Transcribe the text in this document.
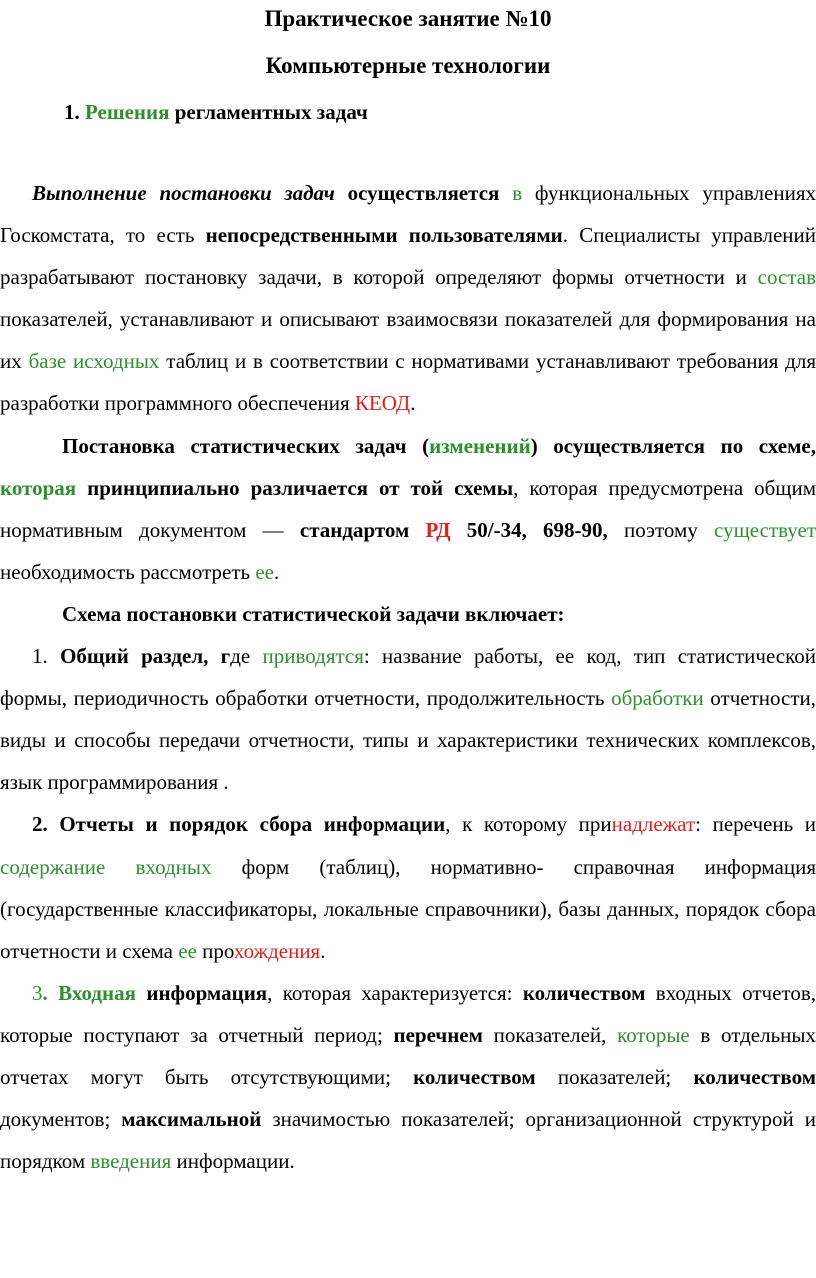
Практическое занятие №10
Компьютерные технологии
1. Решения регламентных задач

Выполнение постановки задач осуществляется в функциональных управлениях Госкомстата, то есть непосредственными пользователями. Специалисты управлений разрабатывают постановку задачи, в которой определяют формы отчетности и состав показателей, устанавливают и описывают взаимосвязи показателей для формирования на их базе исходных таблиц и в соответствии с нормативами устанавливают требования для разработки программного обеспечения КЕОД.

Постановка статистических задач (изменений) осуществляется по схеме, которая принципиально различается от той схемы, которая предусмотрена общим нормативным документом — стандартом РД 50/-34, 698-90, поэтому существует необходимость рассмотреть ее.

Схема постановки статистической задачи включает:

1. Общий раздел, где приводятся: название работы, ее код, тип статистической формы, периодичность обработки отчетности, продолжительность обработки отчетности, виды и способы передачи отчетности, типы и характеристики технических комплексов, язык программирования .

2. Отчеты и порядок сбора информации, к которому принадлежат: перечень и содержание входных форм (таблиц), нормативно- справочная информация (государственные классификаторы, локальные справочники), базы данных, порядок сбора отчетности и схема ее прохождения.

3. Входная информация, которая характеризуется: количеством входных отчетов, которые поступают за отчетный период; перечнем показателей, которые в отдельных отчетах могут быть отсутствующими; количеством показателей; количеством документов; максимальной значимостью показателей; организационной структурой и порядком введения информации.
